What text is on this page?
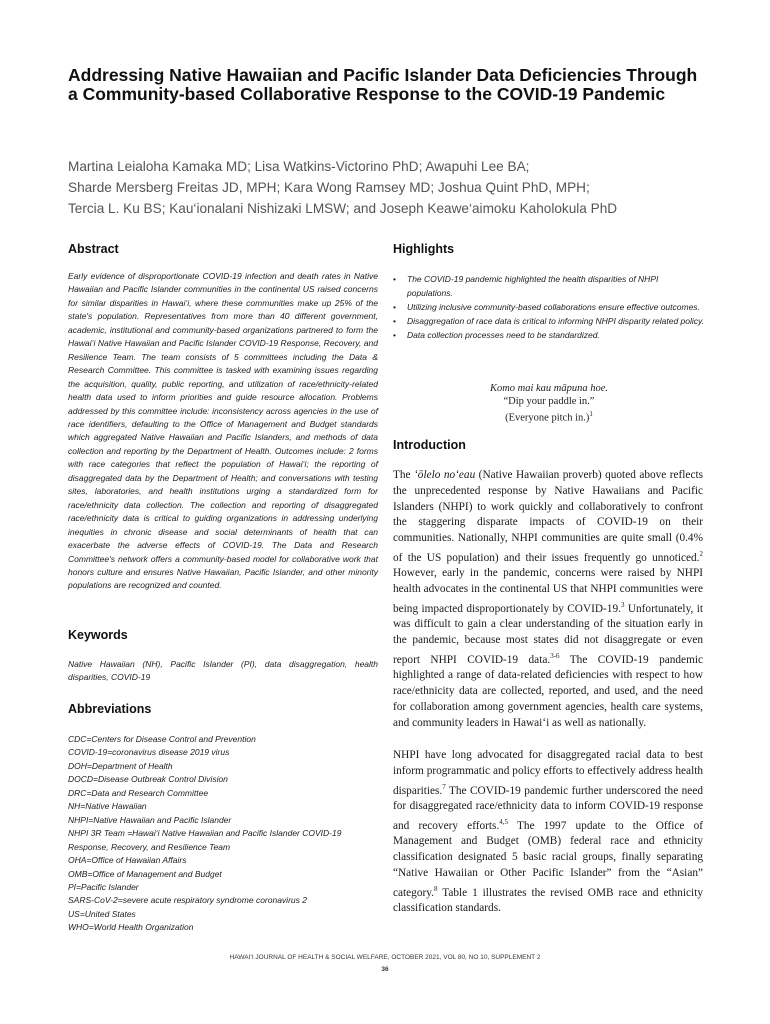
Addressing Native Hawaiian and Pacific Islander Data Deficiencies Through a Community-based Collaborative Response to the COVID-19 Pandemic
Martina Leialoha Kamaka MD; Lisa Watkins-Victorino PhD; Awapuhi Lee BA;
Sharde Mersberg Freitas JD, MPH; Kara Wong Ramsey MD; Joshua Quint PhD, MPH;
Tercia L. Ku BS; Kau‘ionalani Nishizaki LMSW; and Joseph Keawe‘aimoku Kaholokula PhD
Abstract
Early evidence of disproportionate COVID-19 infection and death rates in Native Hawaiian and Pacific Islander communities in the continental US raised concerns for similar disparities in Hawai‘i, where these communities make up 25% of the state's population. Representatives from more than 40 different government, academic, institutional and community-based organizations partnered to form the Hawai‘i Native Hawaiian and Pacific Islander COVID-19 Response, Recovery, and Resilience Team. The team consists of 5 committees including the Data & Research Committee. This committee is tasked with examining issues regarding the acquisition, quality, public reporting, and utilization of race/ethnicity-related health data used to inform priorities and guide resource allocation. Problems addressed by this committee include: inconsistency across agencies in the use of race identifiers, defaulting to the Office of Management and Budget standards which aggregated Native Hawaiian and Pacific Islanders, and methods of data collection and reporting by the Department of Health. Outcomes include: 2 forms with race categories that reflect the population of Hawai‘i; the reporting of disaggregated data by the Department of Health; and conversations with testing sites, laboratories, and health institutions urging a standardized form for race/ethnicity data collection. The collection and reporting of disaggregated race/ethnicity data is critical to guiding organizations in addressing underlying inequities in chronic disease and social determinants of health that can exacerbate the adverse effects of COVID-19. The Data and Research Committee's network offers a community-based model for collaborative work that honors culture and ensures Native Hawaiian, Pacific Islander, and other minority populations are recognized and counted.
Keywords
Native Hawaiian (NH), Pacific Islander (PI), data disaggregation, health disparities, COVID-19
Abbreviations
CDC=Centers for Disease Control and Prevention
COVID-19=coronavirus disease 2019 virus
DOH=Department of Health
DOCD=Disease Outbreak Control Division
DRC=Data and Research Committee
NH=Native Hawaiian
NHPI=Native Hawaiian and Pacific Islander
NHPI 3R Team =Hawai‘i Native Hawaiian and Pacific Islander COVID-19
Response, Recovery, and Resilience Team
OHA=Office of Hawaiian Affairs
OMB=Office of Management and Budget
PI=Pacific Islander
SARS-CoV-2=severe acute respiratory syndrome coronavirus 2
US=United States
WHO=World Health Organization
Highlights
• The COVID-19 pandemic highlighted the health disparities of NHPI populations.
• Utilizing inclusive community-based collaborations ensure effective outcomes.
• Disaggregation of race data is critical to informing NHPI disparity related policy.
• Data collection processes need to be standardized.
Komo mai kau māpuna hoe.
“Dip your paddle in.”
(Everyone pitch in.)$^1$
Introduction

The ‘ōlelo no‘eau (Native Hawaiian proverb) quoted above reflects the unprecedented response by Native Hawaiians and Pacific Islanders (NHPI) to work quickly and collaboratively to confront the staggering disparate impacts of COVID-19 on their communities. Nationally, NHPI communities are quite small (0.4% of the US population) and their issues frequently go unnoticed.$^2$ However, early in the pandemic, concerns were raised by NHPI health advocates in the continental US that NHPI communities were being impacted disproportionately by COVID-19.$^3$ Unfortunately, it was difficult to gain a clear understanding of the situation early in the pandemic, because most states did not disaggregate or even report NHPI COVID-19 data.$^{3-6}$ The COVID-19 pandemic highlighted a range of data-related deficiencies with respect to how race/ethnicity data are collected, reported, and used, and the need for collaboration among government agencies, health care systems, and community leaders in Hawai‘i as well as nationally.

NHPI have long advocated for disaggregated racial data to best inform programmatic and policy efforts to effectively address health disparities.$^7$ The COVID-19 pandemic further underscored the need for disaggregated race/ethnicity data to inform COVID-19 response and recovery efforts.$^{4,5}$ The 1997 update to the Office of Management and Budget (OMB) federal race and ethnicity classification designated 5 basic racial groups, finally separating “Native Hawaiian or Other Pacific Islander” from the “Asian” category.$^8$ Table 1 illustrates the revised OMB race and ethnicity classification standards.

HAWAI‘I JOURNAL OF HEALTH & SOCIAL WELFARE, OCTOBER 2021, VOL 80, NO 10, SUPPLEMENT 2
36
